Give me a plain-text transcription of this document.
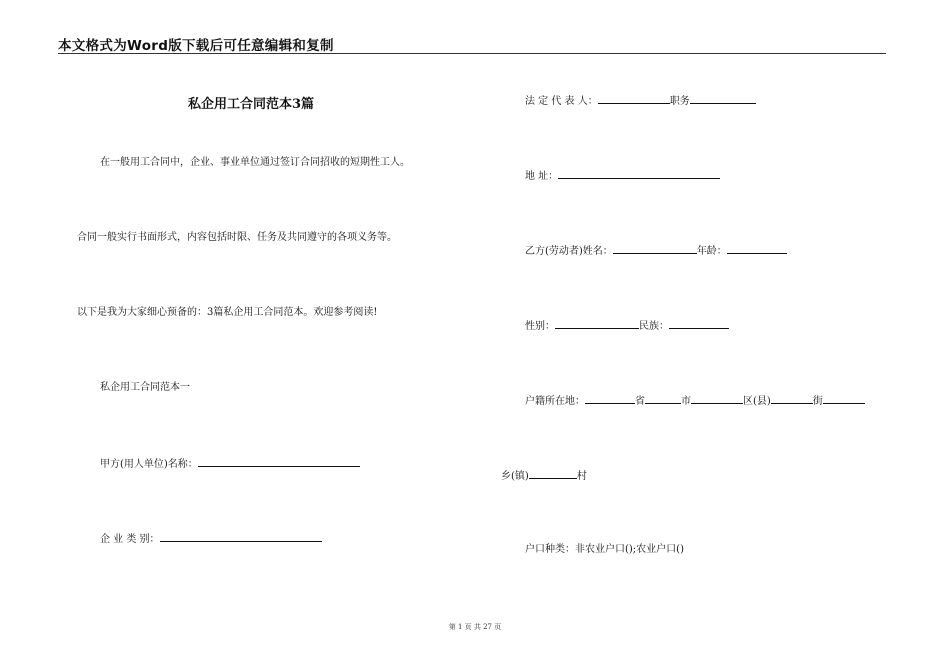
本文格式为Word版下载后可任意编辑和复制
私企用工合同范本3篇
在一般用工合同中，企业、事业单位通过签订合同招收的短期性工人。
合同一般实行书面形式，内容包括时限、任务及共同遵守的各项义务等。
以下是我为大家细心预备的：3篇私企用工合同范本。欢迎参考阅读!
私企用工合同范本一
甲方(用人单位)名称：
企 业 类 别：
法 定 代 表 人：	职务
地 址：
乙方(劳动者)姓名：	年龄：
性别：	民族：
户籍所在地：	省	市	区(县)	街
乡(镇)	村
户口种类：非农业户口();农业户口()
第 1 页 共 27 页
